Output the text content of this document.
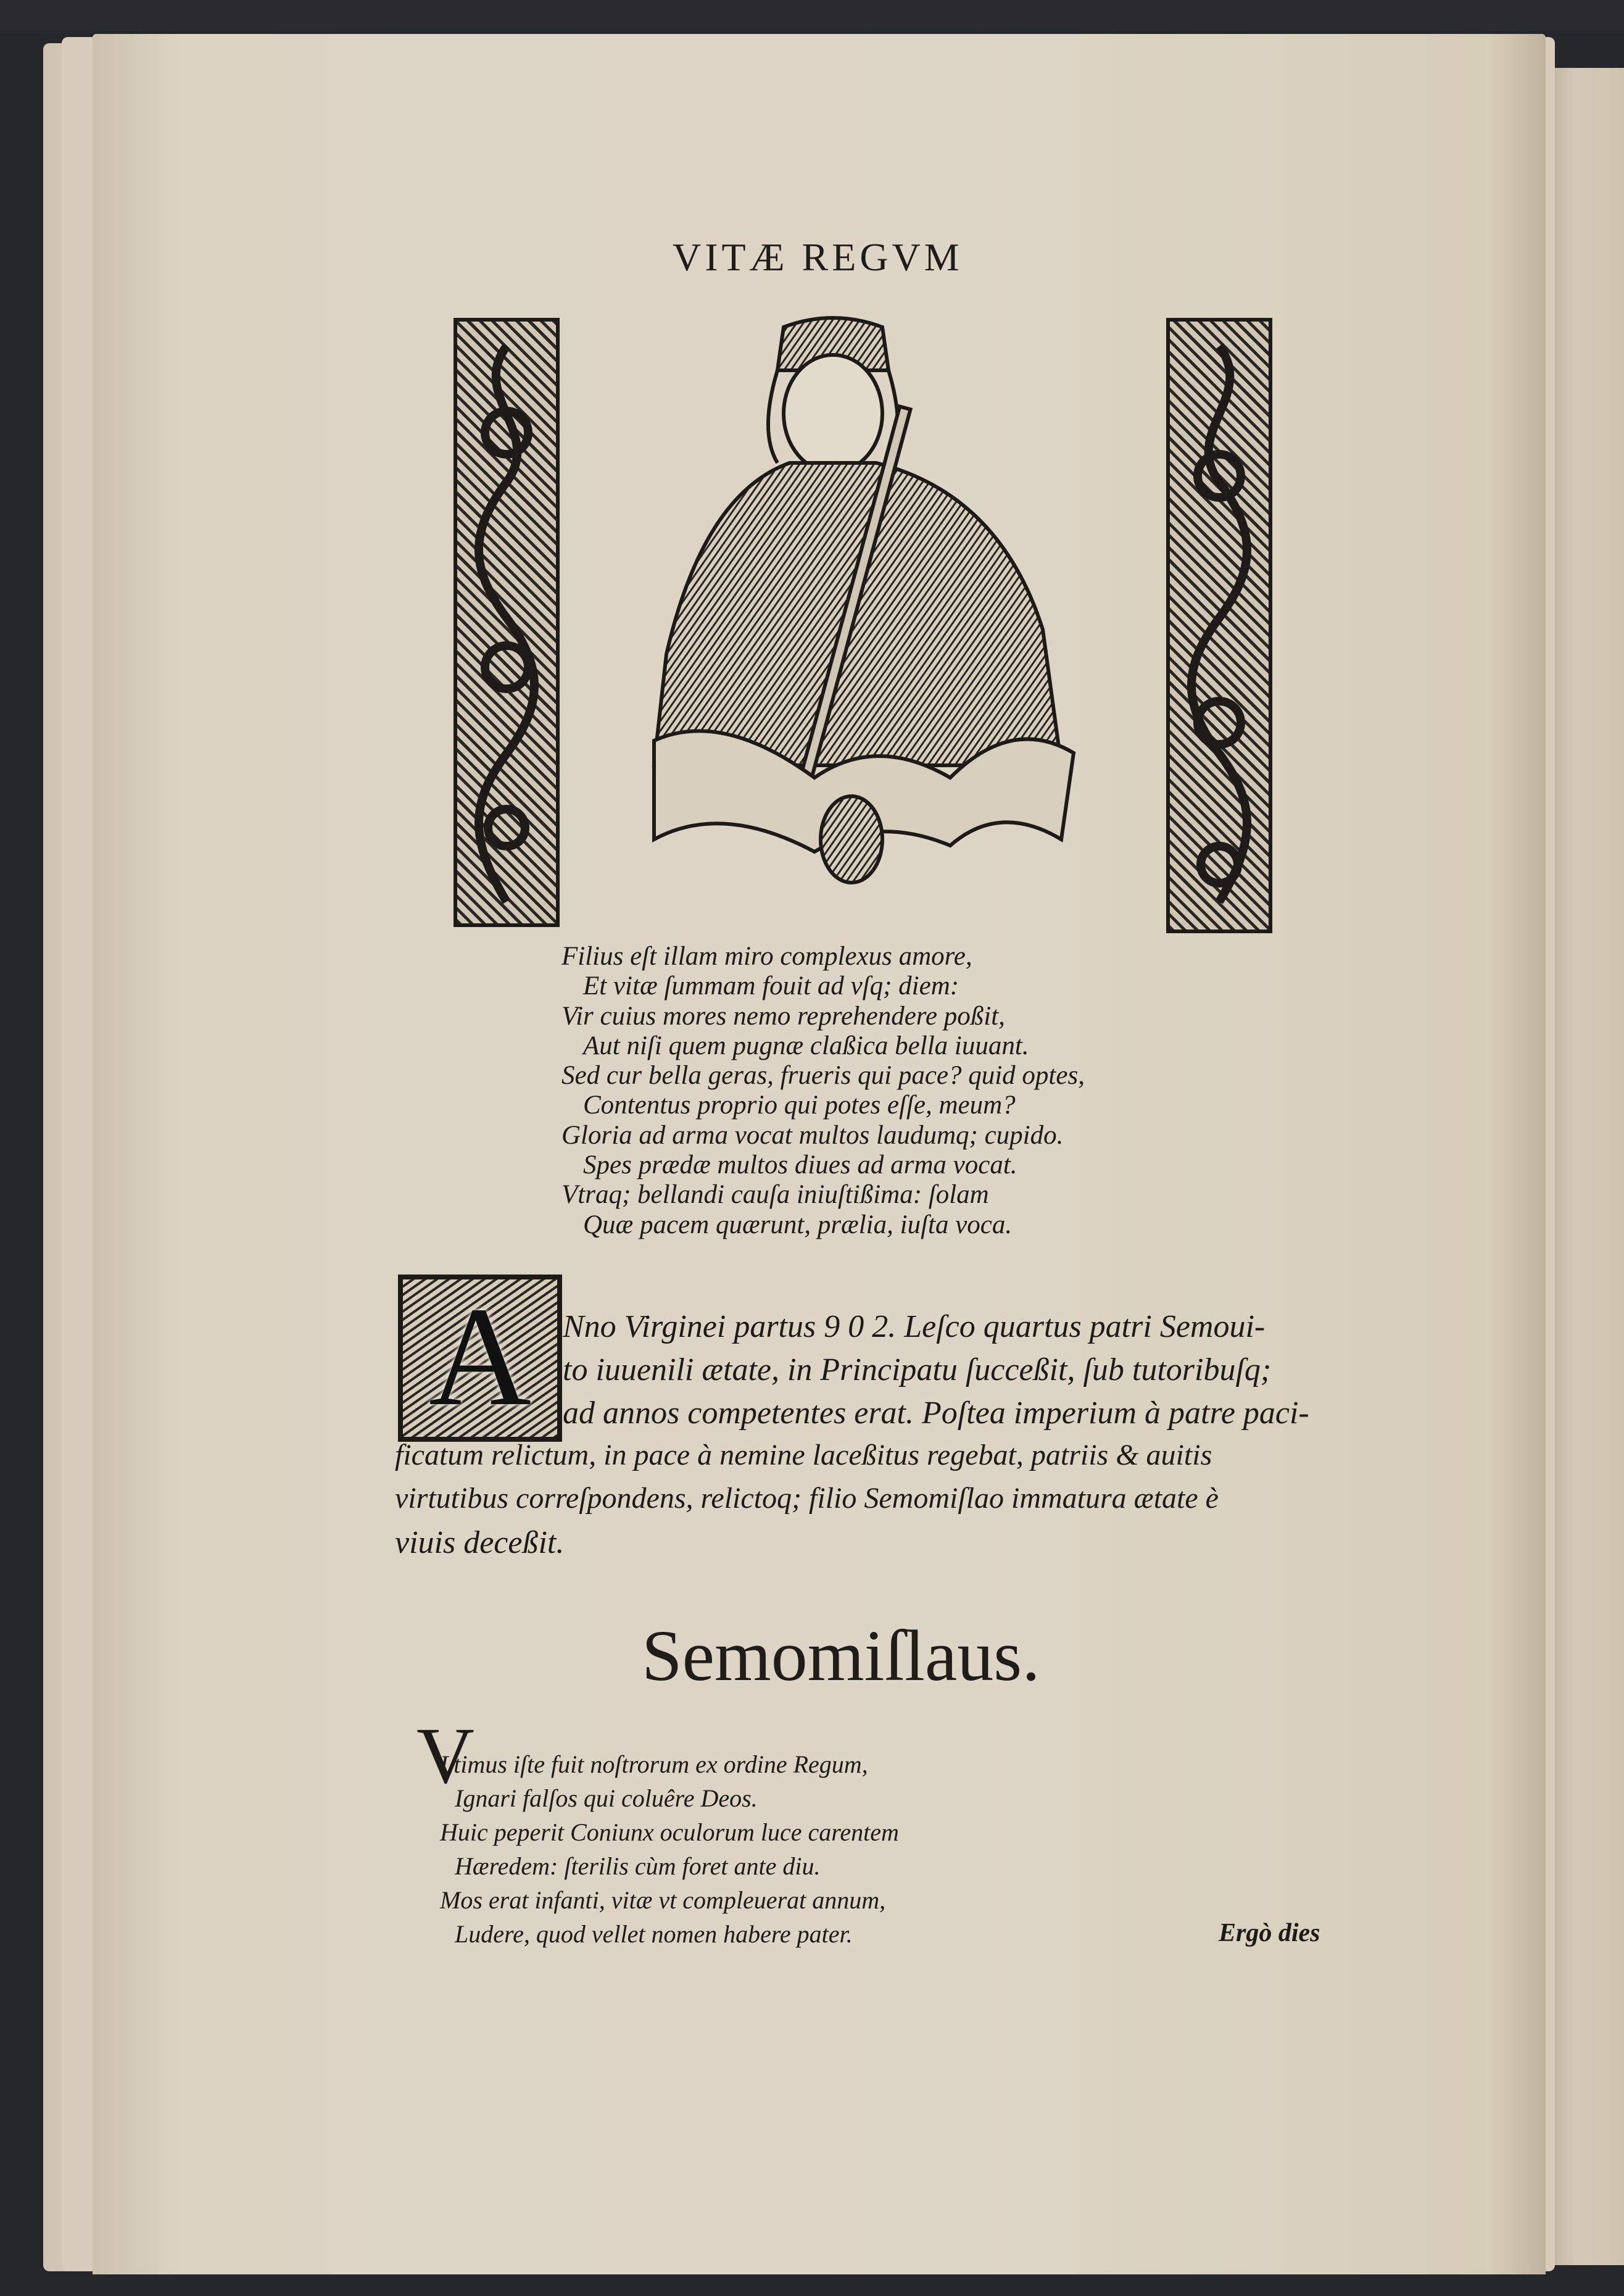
VITÆ REGVM
Filius eſt illam miro complexus amore,
Et vitæ ſummam fouit ad vſq; diem:
Vir cuius mores nemo reprehendere poßit,
Aut niſi quem pugnæ claßica bella iuuant.
Sed cur bella geras, frueris qui pace? quid optes,
Contentus proprio qui potes eſſe, meum?
Gloria ad arma vocat multos laudumq; cupido.
Spes prædæ multos diues ad arma vocat.
Vtraq; bellandi cauſa iniuſtißima: ſolam
Quæ pacem quærunt, prælia, iuſta voca.
A Nno Virginei partus 9 0 2. Leſco quartus patri Semoui-
to iuuenili ætate, in Principatu ſucceßit, ſub tutoribuſq;
ad annos competentes erat. Poſtea imperium à patre paci-
ficatum relictum, in pace à nemine laceßitus regebat, patriis & auitis
virtutibus correſpondens, relictoq; filio Semomiſlao immatura ætate è
viuis deceßit.
Semomiſlaus.
V
Ltimus iſte fuit noſtrorum ex ordine Regum,
Ignari falſos qui coluêre Deos.
Huic peperit Coniunx oculorum luce carentem
Hæredem: ſterilis cùm foret ante diu.
Mos erat infanti, vitæ vt compleuerat annum,
Ludere, quod vellet nomen habere pater.	Ergò dies
